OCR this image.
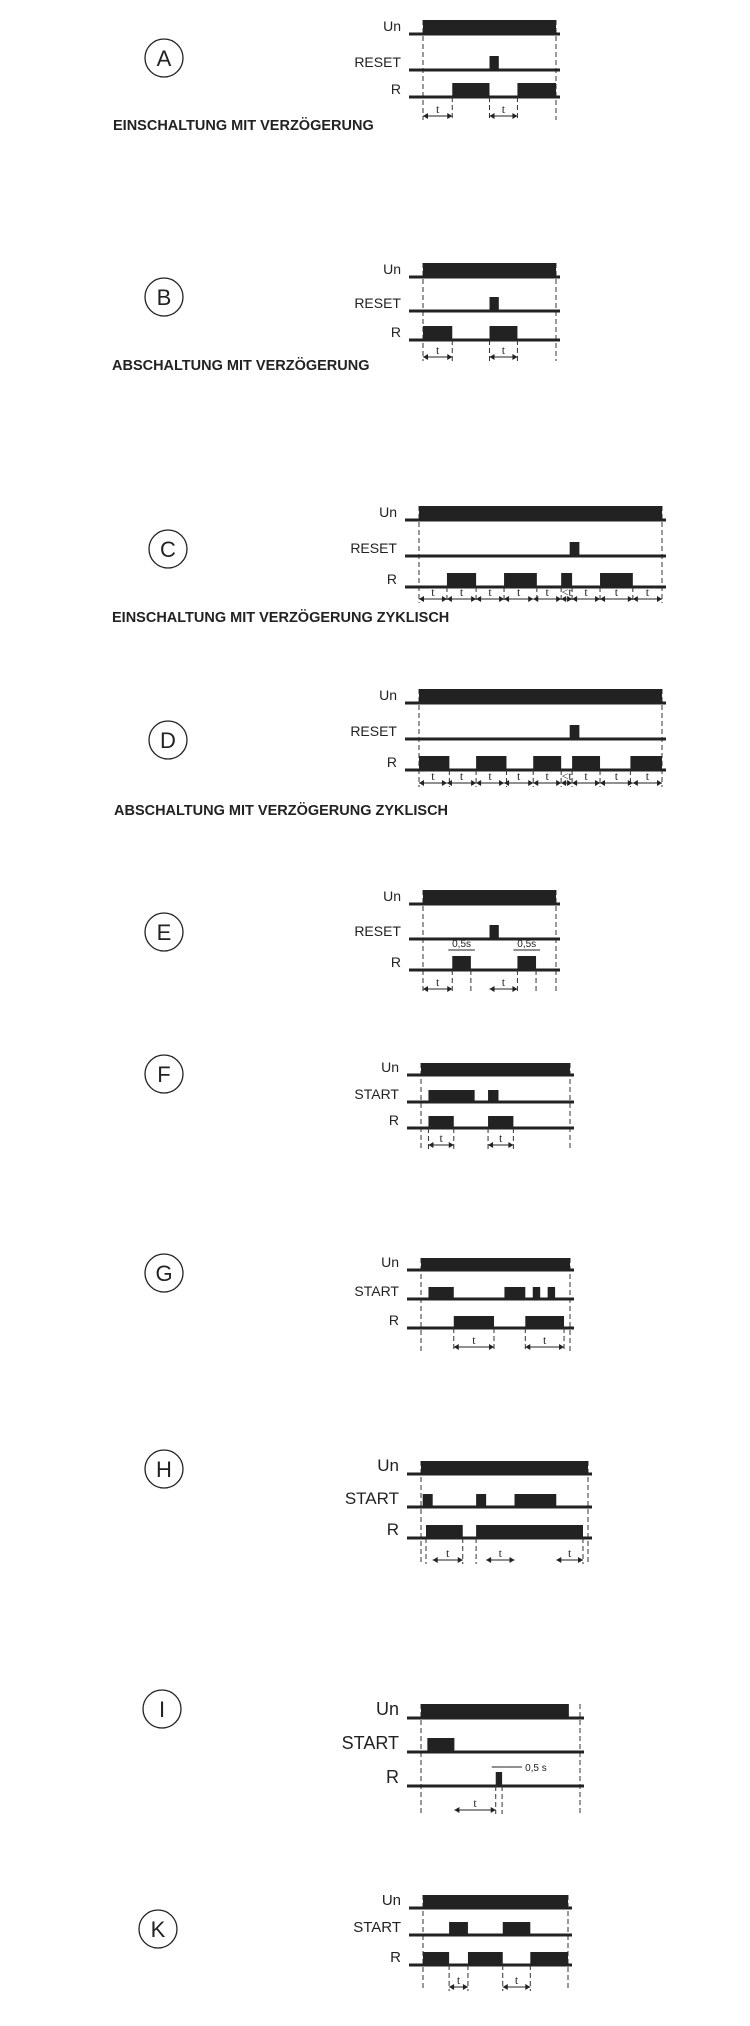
A
Un
RESET
R
t	t
EINSCHALTUNG MIT VERZÖGERUNG
B
Un
RESET
R
t	t
ABSCHALTUNG MIT VERZÖGERUNG
C
Un
RESET
R
t t t t t <t t t t
EINSCHALTUNG MIT VERZÖGERUNG ZYKLISCH
D
Un
RESET
R
t t t t t <t t t t
ABSCHALTUNG MIT VERZÖGERUNG ZYKLISCH
E
Un
RESET
R
t	t
0,5s	0,5s
F	Un
START
R
t	t
G	Un
START
R
t	t
H	Un
START
R
t	t	t
I	Un
START
R
t
0,5 s
K
Un
START
R
t	t
